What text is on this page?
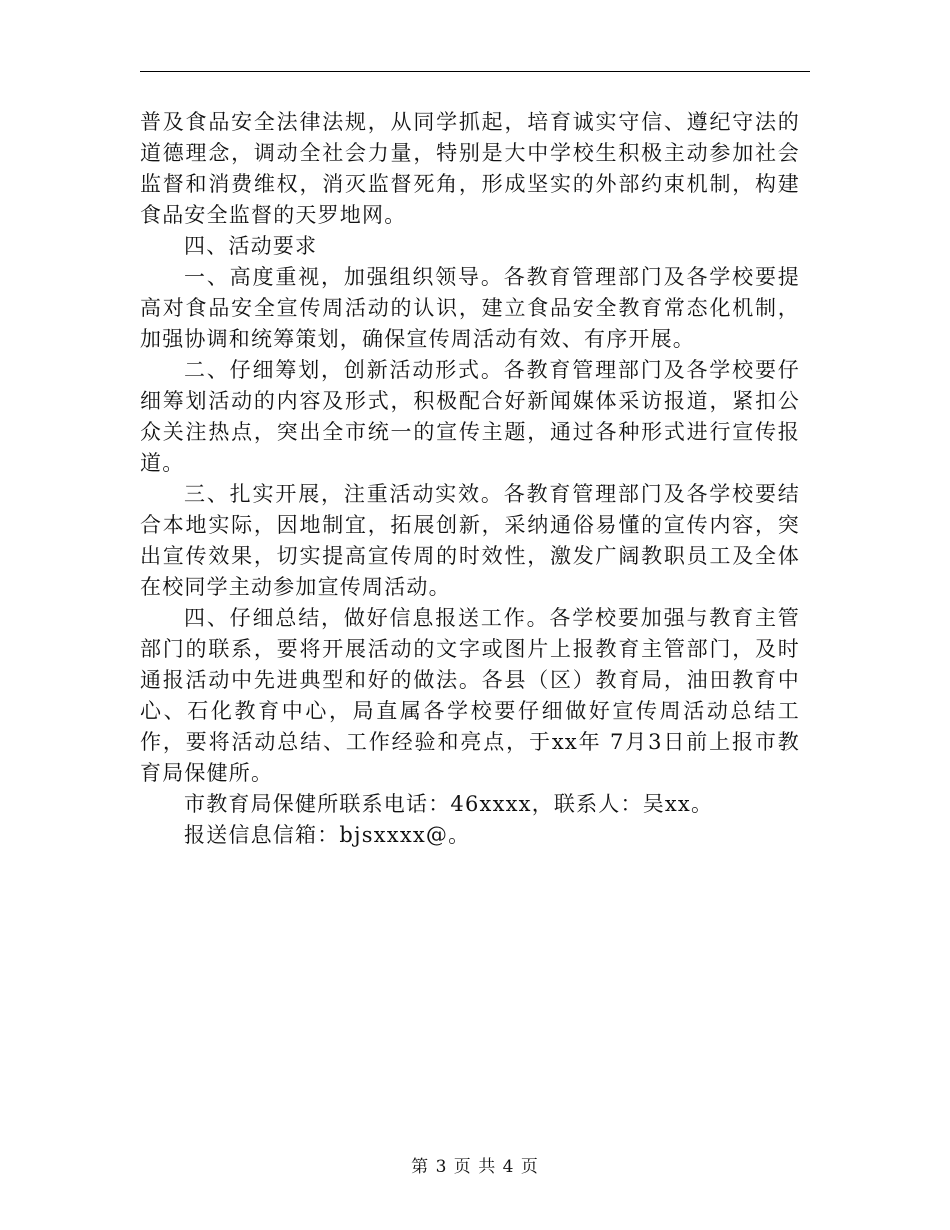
普及食品安全法律法规，从同学抓起，培育诚实守信、遵纪守法的道德理念，调动全社会力量，特别是大中学校生积极主动参加社会监督和消费维权，消灭监督死角，形成坚实的外部约束机制，构建食品安全监督的天罗地网。

四、活动要求

一、高度重视，加强组织领导。各教育管理部门及各学校要提高对食品安全宣传周活动的认识，建立食品安全教育常态化机制，加强协调和统筹策划，确保宣传周活动有效、有序开展。

二、仔细筹划，创新活动形式。各教育管理部门及各学校要仔细筹划活动的内容及形式，积极配合好新闻媒体采访报道，紧扣公众关注热点，突出全市统一的宣传主题，通过各种形式进行宣传报道。

三、扎实开展，注重活动实效。各教育管理部门及各学校要结合本地实际，因地制宜，拓展创新，采纳通俗易懂的宣传内容，突出宣传效果，切实提高宣传周的时效性，激发广阔教职员工及全体在校同学主动参加宣传周活动。

四、仔细总结，做好信息报送工作。各学校要加强与教育主管部门的联系，要将开展活动的文字或图片上报教育主管部门，及时通报活动中先进典型和好的做法。各县（区）教育局，油田教育中心、石化教育中心，局直属各学校要仔细做好宣传周活动总结工作，要将活动总结、工作经验和亮点，于xx年 7月3日前上报市教育局保健所。

市教育局保健所联系电话：46xxxx，联系人：吴xx。

报送信息信箱：bjsxxxx@。

第 3 页 共 4 页
